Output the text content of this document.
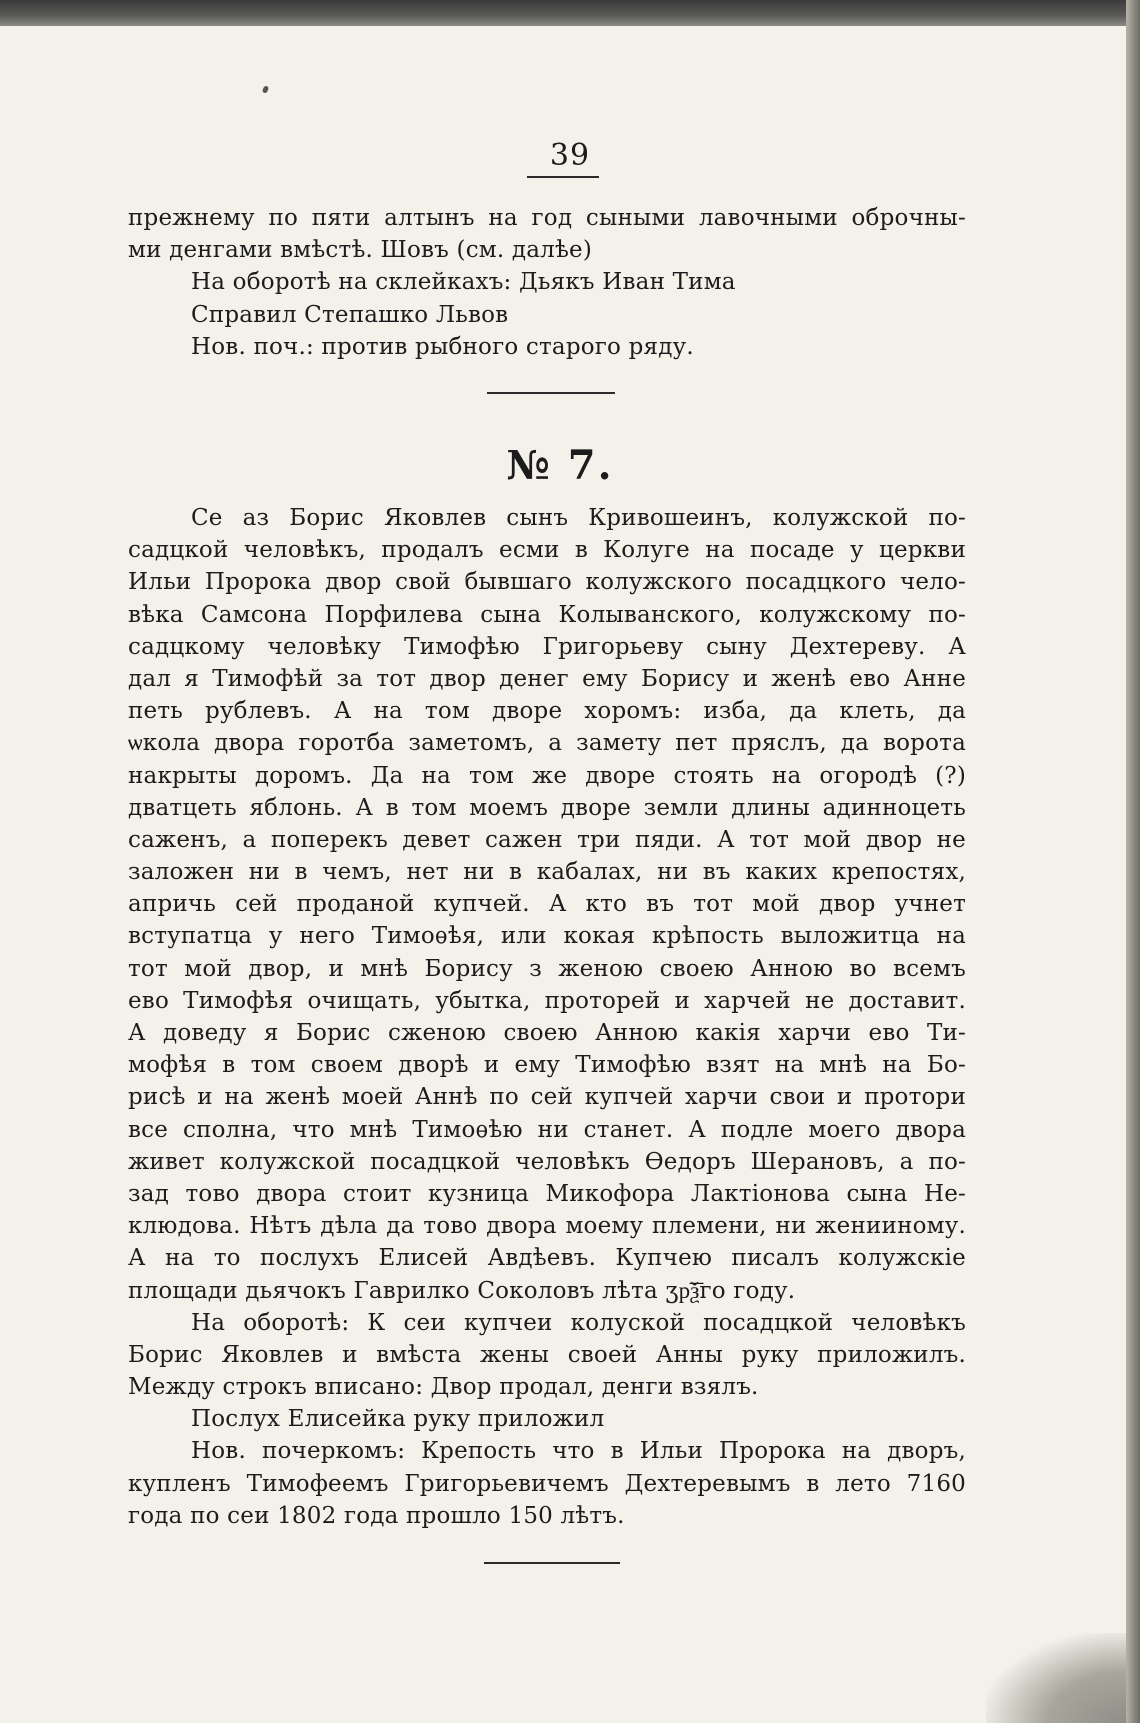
39
прежнему по пяти алтынъ на год сыными лавочными оброчны-
ми денгами вмѣстѣ. Шовъ (см. далѣе)
На оборотѣ на склейкахъ: Дьякъ Иван Тима
Справил Степашко Львов
Нов. поч.: против рыбного старого ряду.
№ 7.
Се аз Борис Яковлев сынъ Кривошеинъ, колужской по-
садцкой человѣкъ, продалъ есми в Колуге на посаде у церкви
Ильи Пророка двор свой бывшаго колужского посадцкого чело-
вѣка Самсона Порфилева сына Колыванского, колужскому по-
садцкому человѣку Тимофѣю Григорьеву сыну Дехтереву. А
дал я Тимофѣй за тот двор денег ему Борису и женѣ ево Анне
петь рублевъ. А на том дворе хоромъ: изба, да клеть, да
ѡкола двора горотба заметомъ, а замету пет пряслъ, да ворота
накрыты доромъ. Да на том же дворе стоять на огородѣ (?)
дватцеть яблонь. А в том моемъ дворе земли длины адинноцеть
саженъ, а поперекъ девет сажен три пяди. А тот мой двор не
заложен ни в чемъ, нет ни в кабалах, ни въ каких крепостях,
апричь сей проданой купчей. А кто въ тот мой двор учнет
вступатца у него Тимоѳѣя, или кокая крѣпость выложитца на
тот мой двор, и мнѣ Борису з женою своею Анною во всемъ
ево Тимофѣя очищать, убытка, проторей и харчей не доставит.
А доведу я Борис сженою своею Анною какія харчи ево Ти-
мофѣя в том своем дворѣ и ему Тимофѣю взят на мнѣ на Бо-
рисѣ и на женѣ моей Аннѣ по сей купчей харчи свои и протори
все сполна, что мнѣ Тимоѳѣю ни станет. А подле моего двора
живет колужской посадцкой человѣкъ Ѳедоръ Шерановъ, а по-
зад тово двора стоит кузница Микофора Лактіонова сына Не-
клюдова. Нѣтъ дѣла да тово двора моему племени, ни женииному.
А на то послухъ Елисей Авдѣевъ. Купчею писалъ колужскіе
площади дьячокъ Гаврилко Соколовъ лѣта ӡр͞ѯго году.
На оборотѣ: К сеи купчеи колуской посадцкой человѣкъ
Борис Яковлев и вмѣста жены своей Анны руку приложилъ.
Между строкъ вписано: Двор продал, денги взялъ.
Послух Елисейка руку приложил
Нов. почеркомъ: Крепость что в Ильи Пророка на дворъ,
купленъ Тимофеемъ Григорьевичемъ Дехтеревымъ в лето 7160
года по сеи 1802 года прошло 150 лѣтъ.
